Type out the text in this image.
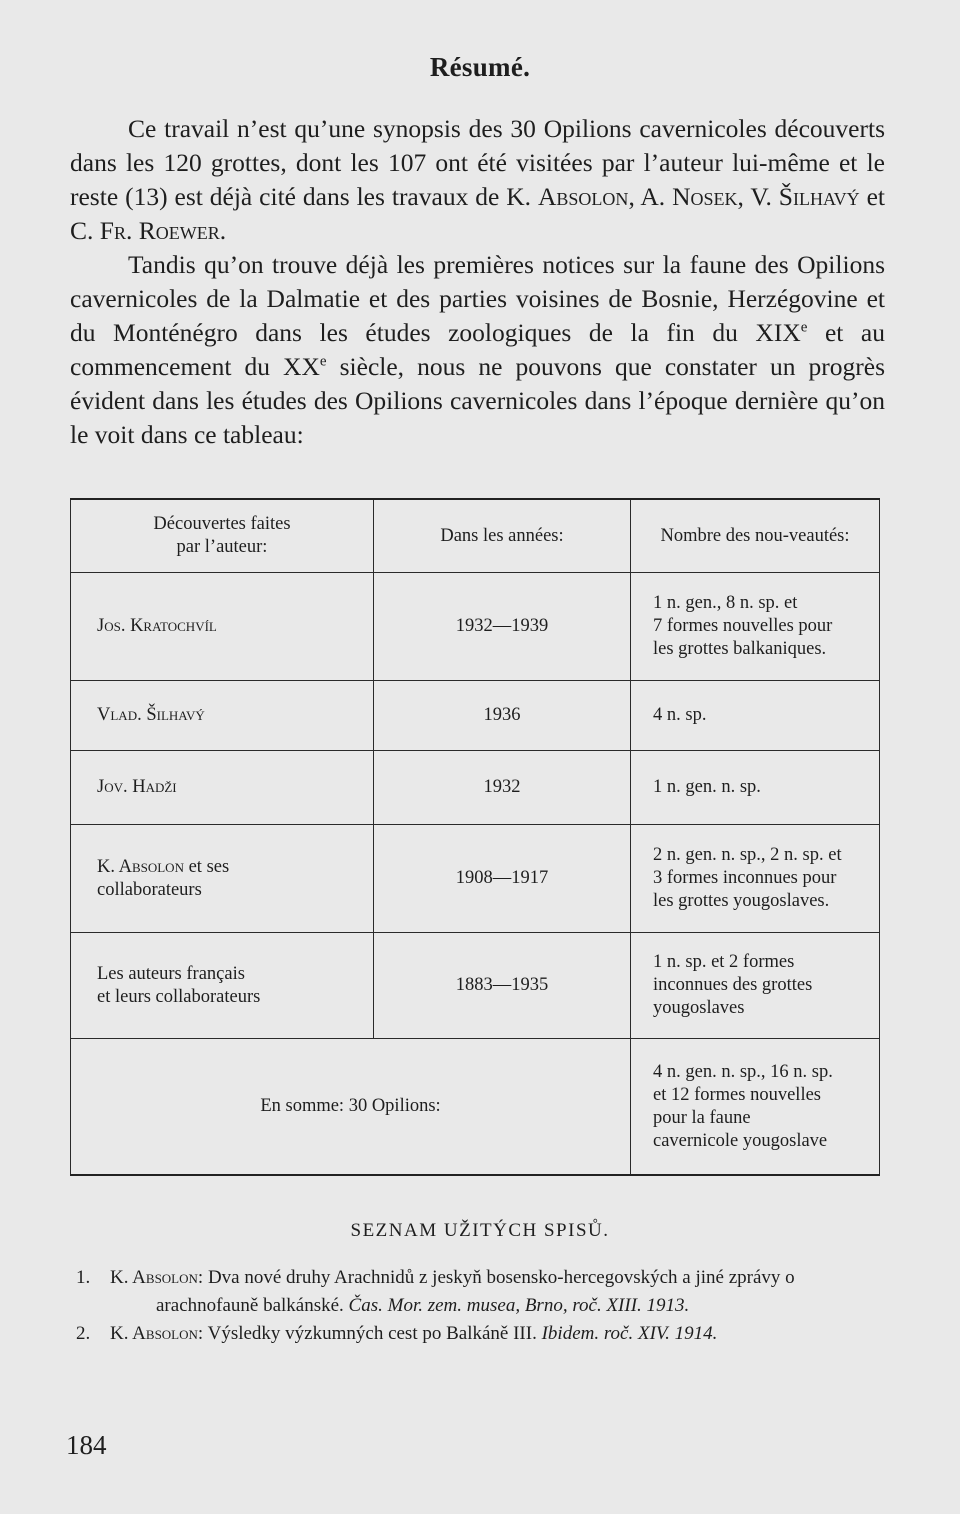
Résumé.

Ce travail n’est qu’une synopsis des 30 Opilions cavernicoles découverts dans les 120 grottes, dont les 107 ont été visitées par l’auteur lui-même et le reste (13) est déjà cité dans les travaux de K. Absolon, A. Nosek, V. Šilhavý et C. Fr. Roewer.

Tandis qu’on trouve déjà les premières notices sur la faune des Opilions cavernicoles de la Dalmatie et des parties voisines de Bosnie, Herzégovine et du Monténégro dans les études zoologiques de la fin du XIXe et au commencement du XXe siècle, nous ne pouvons que constater un progrès évident dans les études des Opilions cavernicoles dans l’époque dernière qu’on le voit dans ce tableau:

Découvertes faites
par l’auteur:	Dans les années:	Nombre des nou-veautés:
Jos. Kratochvíl	1932—1939	1 n. gen., 8 n. sp. et
7 formes nouvelles pour
les grottes balkaniques.

Vlad. Šilhavý	1936	4 n. sp.
Jov. Hadži	1932	1 n. gen. n. sp.

K. Absolon et ses
collaborateurs	1908—1917	2 n. gen. n. sp., 2 n. sp. et
3 formes inconnues pour
les grottes yougoslaves.

Les auteurs français
et leurs collaborateurs	1883—1935	1 n. sp. et 2 formes
inconnues des grottes
yougoslaves

En somme: 30 Opilions:		4 n. gen. n. sp., 16 n. sp.
et 12 formes nouvelles
pour la faune
cavernicole yougoslave
SEZNAM UŽITÝCH SPISŮ.
1. K. Absolon: Dva nové druhy Arachnidů z jeskyň bosensko-hercegovských a jiné zprávy o arachnofauně balkánské. Čas. Mor. zem. musea, Brno, roč. XIII. 1913.
2. K. Absolon: Výsledky výzkumných cest po Balkáně III. Ibidem. roč. XIV. 1914.
184
